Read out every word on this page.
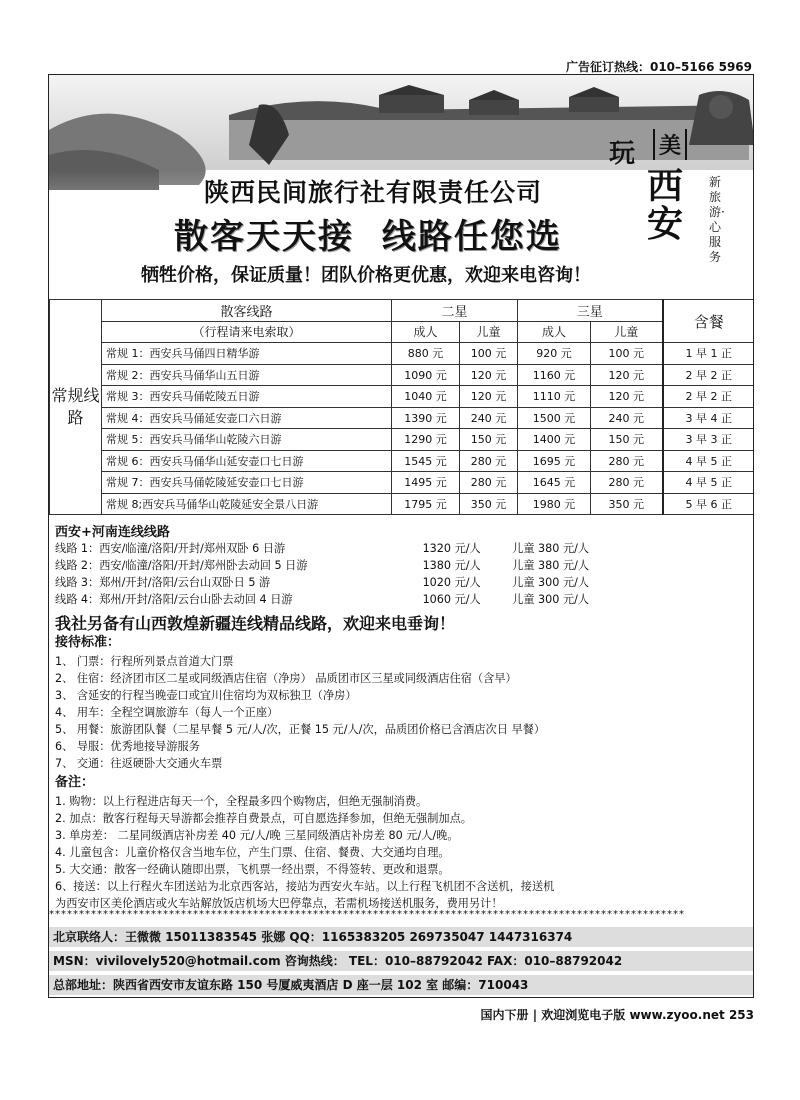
广告征订热线：010–5166 5969
陕西民间旅行社有限责任公司
散客天天接 线路任您选
牺牲价格，保证质量！团队价格更优惠，欢迎来电咨询！
玩 美
西安
新旅游·心服务
常规线路	散客线路	二星		三星		含餐
	（行程请来电索取）	成人	儿童	成人	儿童	
	常规 1：西安兵马俑四日精华游	880 元	100 元	920 元	100 元	1 早 1 正
	常规 2：西安兵马俑华山五日游	1090 元	120 元	1160 元	120 元	2 早 2 正
	常规 3：西安兵马俑乾陵五日游	1040 元	120 元	1110 元	120 元	2 早 2 正
	常规 4：西安兵马俑延安壶口六日游	1390 元	240 元	1500 元	240 元	3 早 4 正
	常规 5：西安兵马俑华山乾陵六日游	1290 元	150 元	1400 元	150 元	3 早 3 正
	常规 6：西安兵马俑华山延安壶口七日游	1545 元	280 元	1695 元	280 元	4 早 5 正
	常规 7：西安兵马俑乾陵延安壶口七日游	1495 元	280 元	1645 元	280 元	4 早 5 正
	常规 8;西安兵马俑华山乾陵延安全景八日游	1795 元	350 元	1980 元	350 元	5 早 6 正
西安+河南连线线路
线路 1：西安/临潼/洛阳/开封/郑州双卧 6 日游	1320 元/人	儿童 380 元/人
线路 2：西安/临潼/洛阳/开封/郑州卧去动回 5 日游	1380 元/人	儿童 380 元/人
线路 3：郑州/开封/洛阳/云台山双卧日 5 游	1020 元/人	儿童 300 元/人
线路 4：郑州/开封/洛阳/云台山卧去动回 4 日游	1060 元/人	儿童 300 元/人
我社另备有山西敦煌新疆连线精品线路，欢迎来电垂询！
接待标准：
1、 门票：行程所列景点首道大门票
2、 住宿：经济团市区二星或同级酒店住宿（净房） 品质团市区三星或同级酒店住宿（含早）
3、 含延安的行程当晚壶口或宜川住宿均为双标独卫（净房）
4、 用车：全程空调旅游车（每人一个正座）
5、 用餐：旅游团队餐（二星早餐 5 元/人/次，正餐 15 元/人/次，品质团价格已含酒店次日 早餐）
6、 导服：优秀地接导游服务
7、 交通：往返硬卧大交通火车票
备注：
1. 购物：以上行程进店每天一个，全程最多四个购物店，但绝无强制消费。
2. 加点：散客行程每天导游都会推荐自费景点，可自愿选择参加，但绝无强制加点。
3. 单房差： 二星同级酒店补房差 40 元/人/晚 三星同级酒店补房差 80 元/人/晚。
4. 儿童包含：儿童价格仅含当地车位，产生门票、住宿、餐费、大交通均自理。
5. 大交通：散客一经确认随即出票，飞机票一经出票，不得签转、更改和退票。
6、接送：以上行程火车团送站为北京西客站，接站为西安火车站。以上行程飞机团不含送机，接送机
为西安市区美伦酒店或火车站解放饭店机场大巴停靠点，若需机场接送机服务，费用另计！
**********************************************************************************************************
北京联络人：王微微 15011383545 张娜 QQ：1165383205 269735047 1447316374
MSN：vivilovely520@hotmail.com 咨询热线： TEL：010–88792042 FAX：010–88792042
总部地址：陕西省西安市友谊东路 150 号厦威夷酒店 D 座一层 102 室 邮编：710043
国内下册 | 欢迎浏览电子版 www.zyoo.net 253
